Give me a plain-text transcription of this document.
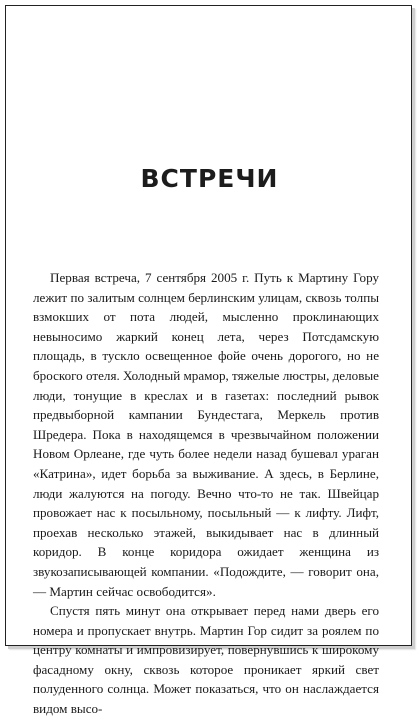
ВСТРЕЧИ

Первая встреча, 7 сентября 2005 г. Путь к Мартину Гору лежит по залитым солнцем берлинским улицам, сквозь толпы взмокших от пота людей, мысленно проклинающих невыносимо жаркий конец лета, через Потсдамскую площадь, в тускло освещенное фойе очень дорогого, но не броского отеля. Холодный мрамор, тяжелые люстры, деловые люди, тонущие в креслах и в газетах: последний рывок предвыборной кампании Бундестага, Меркель против Шредера. Пока в находящемся в чрезвычайном положении Новом Орлеане, где чуть более недели назад бушевал ураган «Катрина», идет борьба за выживание. А здесь, в Берлине, люди жалуются на погоду. Вечно что-то не так. Швейцар провожает нас к посыльному, посыльный — к лифту. Лифт, проехав несколько этажей, выкидывает нас в длинный коридор. В конце коридора ожидает женщина из звукозаписывающей компании. «Подождите, — говорит она, — Мартин сейчас освободится».

Спустя пять минут она открывает перед нами дверь его номера и пропускает внутрь. Мартин Гор сидит за роялем по центру комнаты и импровизирует, повернувшись к широкому фасадному окну, сквозь которое проникает яркий свет полуденного солнца. Может показаться, что он наслаждается видом высо-
